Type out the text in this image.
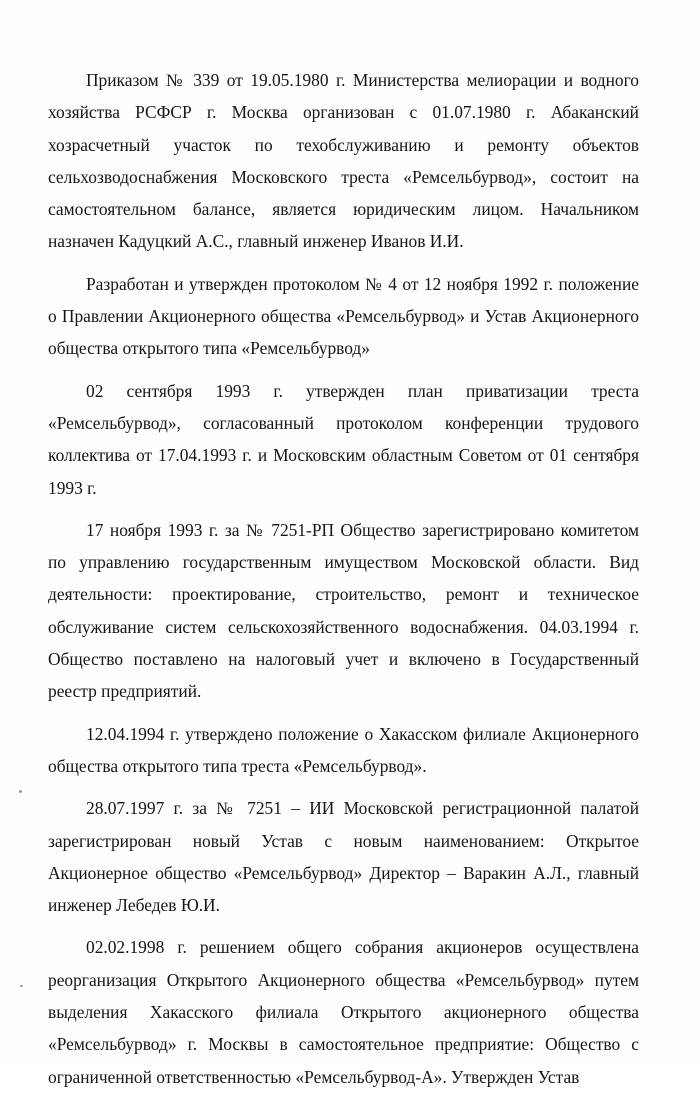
Приказом № 339 от 19.05.1980 г. Министерства мелиорации и водного хозяйства РСФСР г. Москва организован с 01.07.1980 г. Абаканский хозрасчетный участок по техобслуживанию и ремонту объектов сельхозводоснабжения Московского треста «Ремсельбурвод», состоит на самостоятельном балансе, является юридическим лицом. Начальником назначен Кадуцкий А.С., главный инженер Иванов И.И.

Разработан и утвержден протоколом № 4 от 12 ноября 1992 г. положение о Правлении Акционерного общества «Ремсельбурвод» и Устав Акционерного общества открытого типа «Ремсельбурвод»

02 сентября 1993 г. утвержден план приватизации треста «Ремсельбурвод», согласованный протоколом конференции трудового коллектива от 17.04.1993 г. и Московским областным Советом от 01 сентября 1993 г.

17 ноября 1993 г. за № 7251-РП Общество зарегистрировано комитетом по управлению государственным имуществом Московской области. Вид деятельности: проектирование, строительство, ремонт и техническое обслуживание систем сельскохозяйственного водоснабжения. 04.03.1994 г. Общество поставлено на налоговый учет и включено в Государственный реестр предприятий.

12.04.1994 г. утверждено положение о Хакасском филиале Акционерного общества открытого типа треста «Ремсельбурвод».

28.07.1997 г. за № 7251 – ИИ Московской регистрационной палатой зарегистрирован новый Устав с новым наименованием: Открытое Акционерное общество «Ремсельбурвод» Директор – Варакин А.Л., главный инженер Лебедев Ю.И.

02.02.1998 г. решением общего собрания акционеров осуществлена реорганизация Открытого Акционерного общества «Ремсельбурвод» путем выделения Хакасского филиала Открытого акционерного общества «Ремсельбурвод» г. Москвы в самостоятельное предприятие: Общество с ограниченной ответственностью «Ремсельбурвод-А». Утвержден Устав
